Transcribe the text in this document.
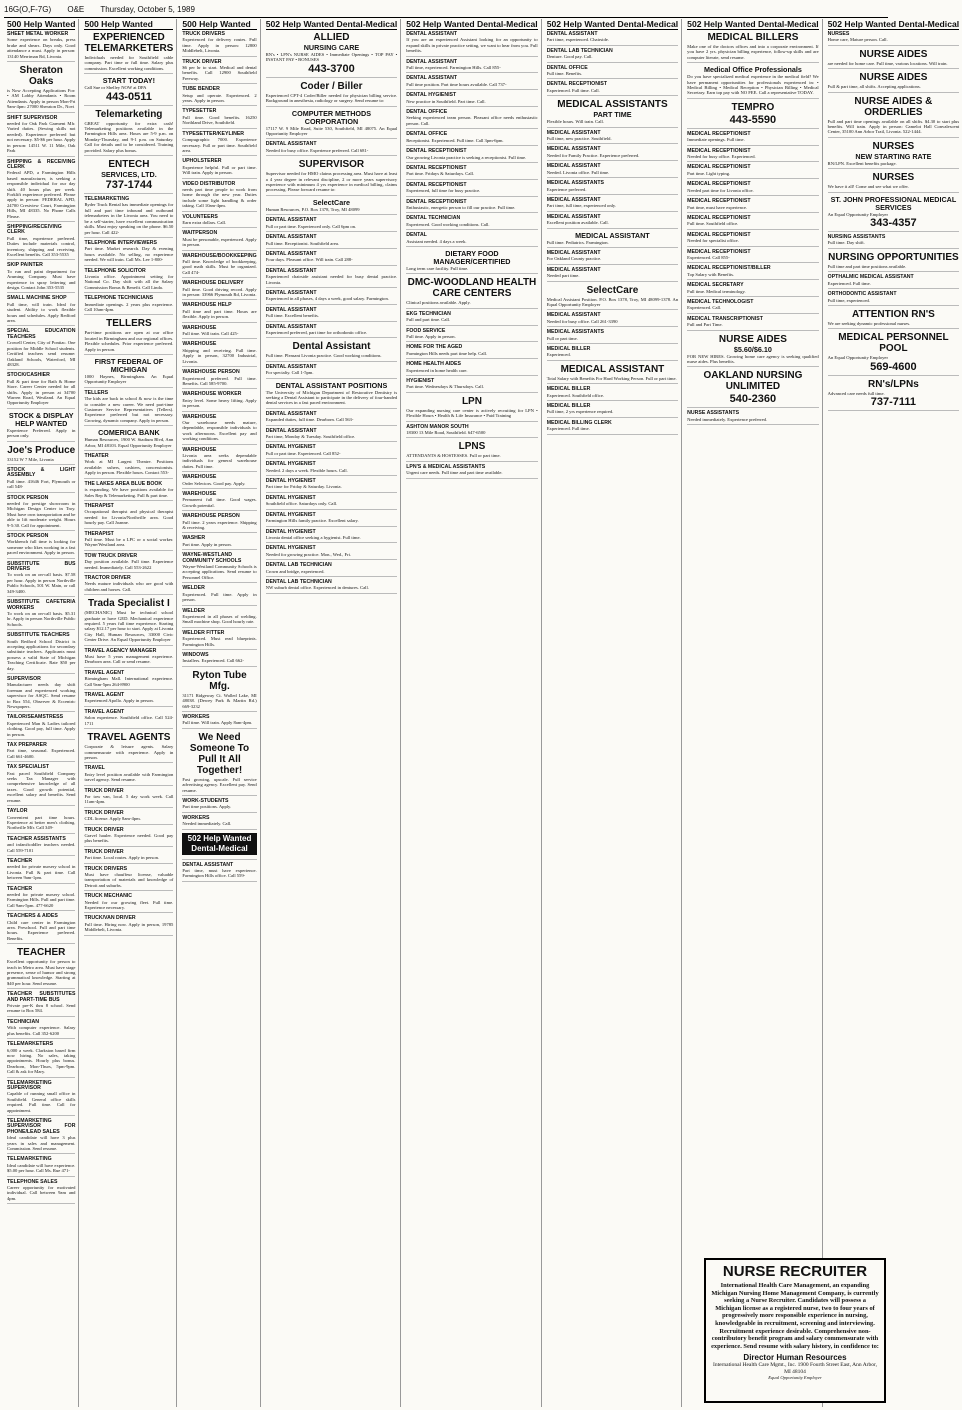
16G(O,F-7G) O&E Thursday, October 5, 1989
500 Help Wanted
SHEET METAL WORKER
Some experience on breaks, press brake and shears. Days only. Good attendance a must. Apply in person: 13140 Merriman Rd, Livonia.
Sheraton Oaks
is Now Accepting Applications For: • AM Lobby Attendants • Room Attendants. Apply in person Mon-Fri 9am-4pm: 27000 Sheraton Dr., Novi
SHIFT SUPERVISOR
needed for Oak Park Garment Mfr. Varied duties. (Sewing skills not needed). Experience preferred but not necessary. $5-$6 per hour. Apply in person: 14511 W. 11 Mile, Oak Park
SHIPPING & RECEIVING CLERK
Federal APD, a Farmington Hills based manufacturer, is seeking a responsible individual for our day shift. 40 hours plus per week. Forklift experience preferred. Please apply in person: FEDERAL APD, 24700 Crestview Court, Farmington Hills, MI 48335. No Phone Calls Please.
SHIPPING/RECEIVING CLERK
Full time, experience preferred. Duties include materials control, inventory, shipping and receiving. Excellent benefits. Call 353-5535
SKIP PAINTER
To run and paint department for Aruming Company. Must have experience in spray lettering and design. Contact John 353-5535
SMALL MACHINE SHOP
Full time, will train. Ideal for student. Ability to work flexible hours and schedules. Apply Redford area.
SPECIAL EDUCATION TEACHERS
Crowell Center, City of Pontiac. One position for Middle School students. Certified teachers send resume: Oakland Schools, Waterford, MI 48328.
STOCK/CASHIER
Full & part time for Bath & Home Store. Career Center needed for all shifts. Apply in person at 34700 Warren Road, Westland. An Equal Opportunity Employer
STOCK & DISPLAY HELP WANTED
Experience Preferred. Apply in person only.
Joe's Produce
33152 W 7 Mile, Livonia
STOCK & LIGHT ASSEMBLY
Full time. 41646 Fort, Plymouth or call 548-
STOCK PERSON
needed for prestige showroom in Michigan Design Center in Troy. Must have own transportation and be able to lift moderate weight. Hours 9-5:30. Call for appointment.
STOCK PERSON
Workbench full time is looking for someone who likes working in a fast paced environment. Apply in person.
SUBSTITUTE BUS DRIVERS
To work on an on-call basis. $7.58 per hour. Apply in person Northville Public Schools, 501 W. Main, or call 349-3400.
SUBSTITUTE CAFETERIA WORKERS
To work on an on-call basis. $5.31 hr. Apply in person Northville Public Schools.
SUBSTITUTE TEACHERS
South Redford School District is accepting applications for secondary substitute teachers. Applicants must possess a valid State of Michigan Teaching Certificate. Rate $50 per day.
SUPERVISOR
Manufacturer needs day shift foreman and experienced working supervisor for ASQC. Send resume to Box 554, Observer & Eccentric Newspapers.
TAILOR/SEAMSTRESS
Experienced Man & Ladies tailored clothing. Good pay, full time. Apply in person.
TAX PREPARER
Part time, seasonal. Experienced. Call 661-4600.
TAX SPECIALIST
Fast paced Southfield Company seeks Tax Manager with comprehensive knowledge of all taxes. Good growth potential, excellent salary and benefits. Send resume.
TAYLOR
Convenient part time hours. Experience at better men's clothing. Northville Mfr. Call 349-
TEACHER ASSISTANTS
and infant/toddler teachers needed. Call 559-7101
TEACHER
needed for private nursery school in Livonia. Full & part time. Call between 9am-1pm.
TEACHER
needed for private nursery school. Farmington Hills. Full and part time. Call 9am-5pm. 477-6620
TEACHERS & AIDES
Child care center in Farmington area. Preschool. Full and part time hours. Experience preferred. Benefits.
TEACHER
Excellent opportunity for person to teach in Metro area. Must have stage presence, sense of humor and strong grammatical knowledge. Starting at $40 per hour. Send resume.
TEACHER SUBSTITUTES AND PART-TIME BUS
Private pre-K thru 8 school. Send resume to Box 584.
TECHNICIAN
With computer experience. Salary plus benefits. Call 352-6200
TELEMARKETERS
6,000 a week. Clarkston based firm now hiring. No sales, taking appointments. Hourly plus bonus. Dearborn, Mon-Thurs, 5pm-9pm. Call & ask for Mary.
TELEMARKETING SUPERVISOR
Capable of running small office in Southfield. General office skills required. Full time. Call for appointment.
TELEMARKETING SUPERVISOR FOR PHONE/LEAD SALES
Ideal candidate will have 3 plus years in sales and management. Commission. Send resume.
TELEMARKETING
Ideal candidate will have experience. $5.00 per hour. Call Ms. Rue 471-
TELEPHONE SALES
Career opportunity for motivated individual. Call between 9am and 4pm.
500 Help Wanted
EXPERIENCED TELEMARKETERS
Individuals needed for Southfield cable company. Part time or full time. Salary plus commission. Excellent working conditions.
START TODAY!
Call Sue or Shelley NOW at DPA
443-0511
Telemarketing
GREAT opportunity for extra cash! Telemarketing positions available in the Farmington Hills area. Hours are 5-9 p.m. on Monday-Thursday, and 9-1 p.m. on Saturday. Call for details and to be considered. Training provided. Salary plus bonus.
ENTECH
SERVICES, LTD.
737-1744
TELEMARKETING
Ryder Truck Rental has immediate openings for full and part time inbound and outbound telemarketers in the Livonia area. You need to be a self-starter, have excellent communication skills. Must enjoy speaking on the phone. $6.50 per hour. Call 422-
TELEPHONE INTERVIEWERS
Part time. Market research. Day & evening hours available. No selling, no experience needed. We will train. Call Ms. Lee 1-800-
TELEPHONE SOLICITOR
Livonia office. Appointment setting for National Co. Day shift with all the Salary Commission Bonus & Benefit. Call Linda.
TELEPHONE TECHNICIANS
Immediate openings. 2 years plus experience. Call 10am-4pm.
TELLERS
Part-time positions are open at our office located in Birmingham and our regional offices. Flexible schedules. Prior experience preferred. Apply in person.
FIRST FEDERAL OF MICHIGAN
1000 Haynes, Birmingham. An Equal Opportunity Employer
TELLERS
The kids are back in school & now is the time to consider a new career. We need part-time Customer Service Representatives (Tellers). Experience preferred but not necessary. Growing, dynamic company. Apply in person.
COMERICA BANK
Human Resources, 1900 W. Stadium Blvd, Ann Arbor, MI 48103. Equal Opportunity Employer
THEATER
Work at MI Largest Theatre. Positions available: ushers, cashiers, concessionists. Apply in person. Flexible hours. Contact 553-
THE LAKES AREA BLUE BOOK
is expanding. We have positions available for Sales Rep & Telemarketing. Full & part time.
THERAPIST
Occupational therapist and physical therapist needed for Livonia/Northville area. Good hourly pay. Call Joanne.
THERAPIST
Full time. Must be a LPC or a social worker. Wayne/Westland area.
TOW TRUCK DRIVER
Day position available. Full time. Experience needed. Immediately. Call 553-2622
TRACTOR DRIVER
Needs mature individuals who are good with children and horses. Call.
Trada Specialist I
(MECHANIC) Must be technical school graduate or have GED. Mechanical experience required. 5 years full time experience. Starting salary $12.17 per hour to start. Apply at Livonia City Hall, Human Resources, 33000 Civic Center Drive. An Equal Opportunity Employer
TRAVEL AGENCY MANAGER
Must have 5 years management experience. Dearborn area. Call or send resume.
TRAVEL AGENT
Birmingham Mall. International experience. Call 9am-5pm 264-8900
TRAVEL AGENT
Experienced Apollo. Apply in person.
TRAVEL AGENT
Salon experience. Southfield office. Call 524-1711
TRAVEL AGENTS
Corporate & leisure agents. Salary commensurate with experience. Apply in person.
TRAVEL
Entry level position available with Farmington travel agency. Send resume.
TRUCK DRIVER
For tow van, local. 5 day work week. Call 11am-4pm.
TRUCK DRIVER
CDL license. Apply 8am-4pm.
TRUCK DRIVER
Gravel hauler. Experience needed. Good pay plus benefits.
TRUCK DRIVER
Part time. Local routes. Apply in person.
TRUCK DRIVERS
Must have chauffeur license, valuable transportation of materials and knowledge of Detroit and suburbs.
TRUCK MECHANIC
Needed for our growing fleet. Full time. Experience necessary.
TRUCK/VAN DRIVER
Full time. Hiring now. Apply in person, 19785 Middlebelt, Livonia.
500 Help Wanted
TRUCK DRIVERS
Experienced for delivery routes. Full time. Apply in person: 12800 Middlebelt, Livonia.
TRUCK DRIVER
$6 per hr to start. Medical and dental benefits. Call 12900 Southfield Freeway.
TUBE BENDER
Setup and operate. Experienced. 2 years. Apply in person.
TYPESETTER
Full time. Good benefits. 16250 Northland Drive, Southfield.
TYPESETTER/KEYLINER
Compugraphic 7000. Experience necessary. Full or part time. Southfield area.
UPHOLSTERER
Experience helpful. Full or part time. Will train. Apply in person.
VIDEO DISTRIBUTOR
needs part time people to work from home through the new year. Duties include some light handling & order taking. Call 10am-4pm.
VOLUNTEERS
Earn extra dollars. Call.
WAITPERSON
Must be personable, experienced. Apply in person.
WAREHOUSE/BOOKKEEPING
Full time. Knowledge of bookkeeping, good math skills. Must be organized. Call 474-
WAREHOUSE DELIVERY
Full time. Good driving record. Apply in person: 33966 Plymouth Rd, Livonia.
WAREHOUSE HELP
Full time and part time. Hours are flexible. Apply in person.
WAREHOUSE
Full time. Will train. Call 425-
WAREHOUSE
Shipping and receiving. Full time. Apply in person, 32700 Industrial, Livonia.
WAREHOUSE PERSON
Experienced preferred. Full time. Benefits. Call 585-9700.
WAREHOUSE WORKER
Entry level. Some heavy lifting. Apply in person.
WAREHOUSE
Our warehouse needs mature, dependable, responsible individuals to work afternoons. Excellent pay and working conditions.
WAREHOUSE
Livonia area seeks dependable individuals for general warehouse duties. Full time.
WAREHOUSE
Order Selectors. Good pay. Apply.
WAREHOUSE
Permanent full time. Good wages. Growth potential.
WAREHOUSE PERSON
Full time. 2 years experience. Shipping & receiving.
WASHER
Part time. Apply in person.
WAYNE-WESTLAND COMMUNITY SCHOOLS
Wayne-Westland Community Schools is accepting applications. Send resume to Personnel Office.
WELDER
Experienced. Full time. Apply in person.
WELDER
Experienced in all phases of welding. Small machine shop. Good hourly rate.
WELDER FITTER
Experienced. Must read blueprints. Farmington Hills.
WINDOWS
Installers. Experienced. Call 662-
Ryton Tube Mfg.
31171 Ridgeway Ct. Walled Lake, MI 48038. (Dewey Park & Martin Rd.) 669-3232
WORKERS
Full time. Will train. Apply 8am-4pm.
We Need Someone To Pull It All Together!
Fast growing, upscale. Full service advertising agency. Excellent pay. Send resume.
WORK-STUDENTS
Part time positions. Apply.
WORKERS
Needed immediately. Call.
502 Help Wanted Dental-Medical
DENTAL ASSISTANT
Part time, must have experience. Farmington Hills office. Call 559-
502 Help Wanted Dental-Medical
ALLIED
NURSING CARE
RN's • LPN's NURSE AIDES • Immediate Openings • TOP PAY • INSTANT PAY • BONUSES
443-3700
Coder / Biller
Experienced CPT-4 Coder/Biller needed for physician billing service. Background in anesthesia, radiology or surgery. Send resume to:
COMPUTER METHODS CORPORATION
17117 W. 9 Mile Road, Suite 530, Southfield, MI 48075. An Equal Opportunity Employer
DENTAL ASSISTANT
Needed for busy office. Experience preferred. Call 681-
SUPERVISOR
Supervisor needed for HMO claims processing area. Must have at least a 4 year degree in relevant discipline, 2 or more years supervisory experience with minimum 4 yrs experience in medical billing, claims processing. Please forward resume to:
SelectCare
Human Resources, P.O. Box 1378, Troy, MI 48099
DENTAL ASSISTANT
Full or part time. Experienced only. Call 6pm on.
DENTAL ASSISTANT
Full time. Receptionist. Southfield area.
DENTAL ASSISTANT
Four days. Pleasant office. Will train. Call 288-
DENTAL ASSISTANT
Experienced chairside assistant needed for busy dental practice. Livonia.
DENTAL ASSISTANT
Experienced in all phases, 4 days a week, good salary. Farmington.
DENTAL ASSISTANT
Full time. Excellent benefits.
DENTAL ASSISTANT
Experienced preferred, part time for orthodontic office.
Dental Assistant
Full time. Pleasant Livonia practice. Good working conditions.
DENTAL ASSISTANT
For specialty. Call 1-5pm.
DENTAL ASSISTANT POSITIONS
The University of Michigan Department of Restorative Dentistry is seeking a Dental Assistant to participate in the delivery of four-handed dental services in a fast paced environment.
DENTAL ASSISTANT
Expanded duties, full time. Dearborn. Call 563-
DENTAL ASSISTANT
Part time, Monday & Tuesday. Southfield office.
DENTAL HYGIENIST
Full or part time. Experienced. Call 852-
DENTAL HYGIENIST
Needed. 2 days a week. Flexible hours. Call.
DENTAL HYGIENIST
Part time for Friday & Saturday. Livonia.
DENTAL HYGIENIST
Southfield office. Saturdays only. Call.
DENTAL HYGIENIST
Farmington Hills family practice. Excellent salary.
DENTAL HYGIENIST
Livonia dental office seeking a hygienist. Full time.
DENTAL HYGIENIST
Needed for growing practice. Mon., Wed., Fri.
DENTAL LAB TECHNICIAN
Crown and bridge, experienced.
DENTAL LAB TECHNICIAN
NW suburb dental office. Experienced in dentures. Call.
502 Help Wanted Dental-Medical
DENTAL ASSISTANT
If you are an experienced Assistant looking for an opportunity to expand skills in private practice setting, we want to hear from you. Full benefits.
DENTAL ASSISTANT
Full time, experienced. Farmington Hills. Call 855-
DENTAL ASSISTANT
Full time position. Part time hours available. Call 737-
DENTAL HYGIENIST
New practice in Southfield. Part time. Call.
DENTAL OFFICE
Seeking experienced team person. Pleasant office needs enthusiastic person. Call.
DENTAL OFFICE
Receptionist. Experienced. Full time. Call 3pm-6pm.
DENTAL RECEPTIONIST
Our growing Livonia practice is seeking a receptionist. Full time.
DENTAL RECEPTIONIST
Part time. Fridays & Saturdays. Call.
DENTAL RECEPTIONIST
Experienced, full time for busy practice.
DENTAL RECEPTIONIST
Enthusiastic, energetic person to fill our practice. Full time.
DENTAL TECHNICIAN
Experienced. Good working conditions. Call.
DENTAL
Assistant needed. 4 days a week.
DIETARY FOOD MANAGER/CERTIFIED
Long term care facility. Full time.
DMC-WOODLAND HEALTH CARE CENTERS
Clinical positions available. Apply.
EKG TECHNICIAN
Full and part time. Call.
FOOD SERVICE
Full time. Apply in person.
HOME FOR THE AGED
Farmington Hills needs part time help. Call.
HOME HEALTH AIDES
Experienced in home health care.
HYGIENIST
Part time. Wednesdays & Thursdays. Call.
LPN
Our expanding nursing care center is actively recruiting for LPN • Flexible Hours • Health & Life Insurance • Paid Training
ASHTON MANOR SOUTH
18300 13 Mile Road, Southfield. 647-6500
LPNS
ATTENDANTS & HOSTESSES. Full or part time.
LPN'S & MEDICAL ASSISTANTS
Urgent care needs. Full time and part time available.
502 Help Wanted Dental-Medical
DENTAL ASSISTANT
Part time, experienced. Chairside.
DENTAL LAB TECHNICIAN
Denture. Good pay. Call.
DENTAL OFFICE
Full time. Benefits.
DENTAL RECEPTIONIST
Experienced. Full time. Call.
MEDICAL ASSISTANTS
PART TIME
Flexible hours. Will train. Call.
MEDICAL ASSISTANT
Full time, new practice. Southfield.
MEDICAL ASSISTANT
Needed for Family Practice. Experience preferred.
MEDICAL ASSISTANT
Needed. Livonia office. Full time.
MEDICAL ASSISTANTS
Experience preferred.
MEDICAL ASSISTANT
Part time, full time, experienced only.
MEDICAL ASSISTANT
Excellent position available. Call.
MEDICAL ASSISTANT
Full time. Pediatrics. Farmington.
MEDICAL ASSISTANT
For Oakland County practice.
MEDICAL ASSISTANT
Needed part time.
SelectCare
Medical Assistant Position. P.O. Box 1378, Troy, MI 48099-1378. An Equal Opportunity Employer
MEDICAL ASSISTANT
Needed for busy office. Call 261-3390
MEDICAL ASSISTANTS
Full or part time.
MEDICAL BILLER
Experienced.
MEDICAL ASSISTANT
Total Salary with Benefits For Hard Working Person. Full or part time.
MEDICAL BILLER
Experienced. Southfield office.
MEDICAL BILLER
Full time, 2 yrs experience required.
MEDICAL BILLING CLERK
Experienced. Full time.
502 Help Wanted Dental-Medical
MEDICAL BILLERS
Make one of the doctors offices and into a corporate environment. If you have 2 yrs. physician billing experience, follow-up skills and are computer literate, send resume.
Medical Office Professionals
Do you have specialized medical experience in the medical field? We have permanent opportunities for professionals experienced in: • Medical Billing • Medical Reception • Physician Billing • Medical Secretary. Earn top pay with NO FEE. Call a representative TODAY.
TEMPRO
443-5590
MEDICAL RECEPTIONIST
Immediate openings. Full time.
MEDICAL RECEPTIONIST
Needed for busy office. Experienced.
MEDICAL RECEPTIONIST
Part time. Light typing.
MEDICAL RECEPTIONIST
Needed part time for Livonia office.
MEDICAL RECEPTIONIST
Part time, must have experience.
MEDICAL RECEPTIONIST
Full time. Southfield office.
MEDICAL RECEPTIONIST
Needed for specialist office.
MEDICAL RECEPTIONIST
Experienced. Call 855-
MEDICAL RECEPTIONIST/BILLER
Top Salary with Benefits.
MEDICAL SECRETARY
Full time. Medical terminology.
MEDICAL TECHNOLOGIST
Experienced. Call.
MEDICAL TRANSCRIPTIONIST
Full and Part Time.
NURSE AIDES
$5.60/$6.10
FOR NEW HIRES. Growing home care agency is seeking qualified nurse aides. Plus benefits.
OAKLAND NURSING UNLIMITED
540-2360
NURSE ASSISTANTS
Needed immediately. Experience preferred.
502 Help Wanted Dental-Medical
NURSES
Home care, Mature person. Call.
NURSE AIDES
are needed for home care. Full time, various locations. Will train.
NURSE AIDES
Full & part time, all shifts. Accepting applications.
NURSE AIDES & ORDERLIES
Full and part time openings available on all shifts. $4.30 to start plus benefits. Will train. Apply in person: Camelot Hall Convalescent Center, 35100 Ann Arbor Trail, Livonia. 522-1444.
NURSES
NEW STARTING RATE
RN/LPN. Excellent benefits package.
NURSES
We have it all! Come and see what we offer.
ST. JOHN PROFESSIONAL MEDICAL SERVICES
An Equal Opportunity Employer
343-4357
NURSING ASSISTANTS
Full time. Day shift.
NURSING OPPORTUNITIES
Full time and part time positions available.
OPTHALMIC MEDICAL ASSISTANT
Experienced. Full time.
ORTHODONTIC ASSISTANT
Full time, experienced.
ATTENTION RN'S
We are seeking dynamic professional nurses.
MEDICAL PERSONNEL POOL
An Equal Opportunity Employer
569-4600
RN's/LPNs
Advanced care needs full time.
737-7111
NURSE RECRUITER
International Health Care Management, an expanding Michigan Nursing Home Management Company, is currently seeking a Nurse Recruiter. Candidates will possess a Michigan license as a registered nurse, two to four years of progressively more responsible experience in nursing, knowledgeable in recruitment, screening and interviewing. Recruitment experience desirable. Comprehensive non-contributory benefit program and salary commensurate with experience. Send resume with salary history, in confidence to:
Director Human Resources
International Health Care Mgmt., Inc. 1900 Fourth Street East, Ann Arbor, MI 48104
Equal Opportunity Employer
